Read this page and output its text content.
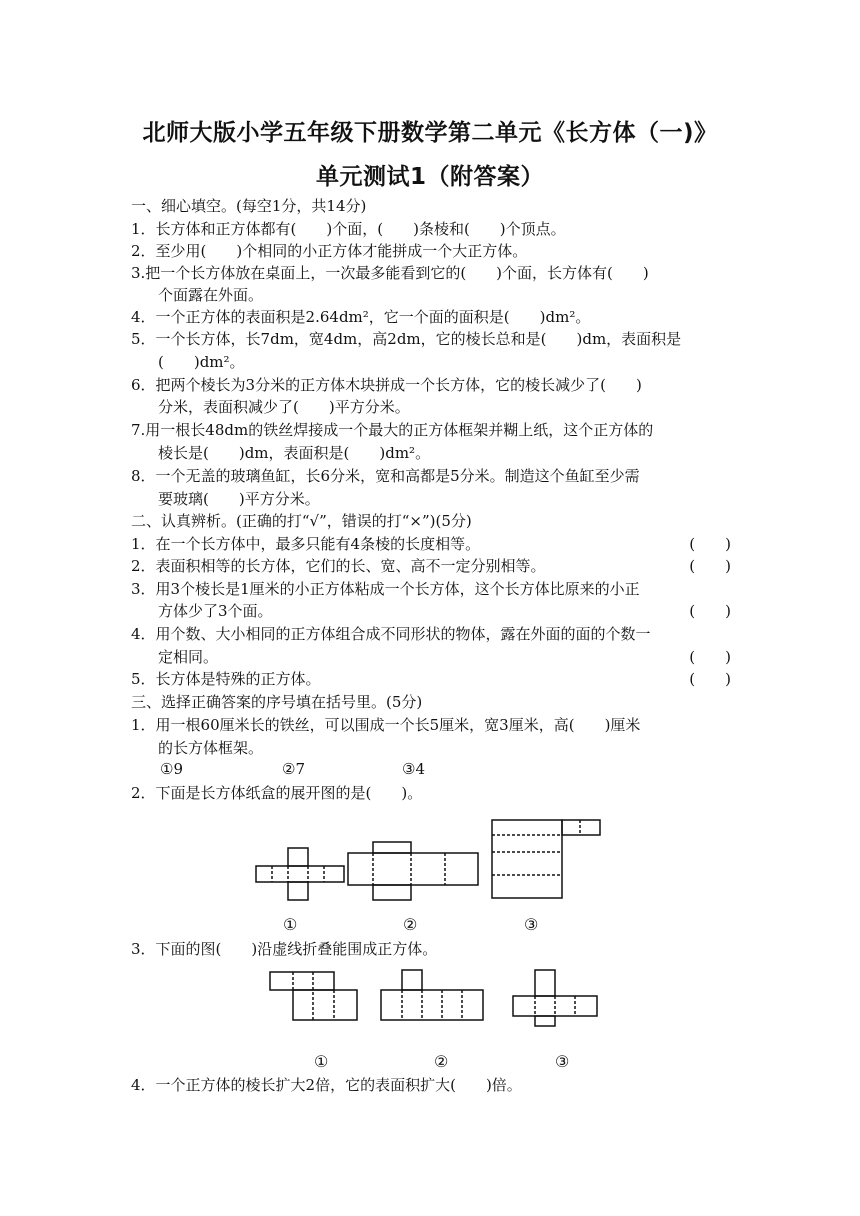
北师大版小学五年级下册数学第二单元《长方体（一)》
单元测试1（附答案）
一、细心填空。(每空1分，共14分)
1．长方体和正方体都有(　　)个面，(　　)条棱和(　　)个顶点。
2．至少用(　　)个相同的小正方体才能拼成一个大正方体。
3.把一个长方体放在桌面上，一次最多能看到它的(　　)个面，长方体有(　　)
个面露在外面。
4．一个正方体的表面积是2.64dm²，它一个面的面积是(　　)dm²。
5．一个长方体，长7dm，宽4dm，高2dm，它的棱长总和是(　　)dm，表面积是
(　　)dm²。
6．把两个棱长为3分米的正方体木块拼成一个长方体，它的棱长减少了(　　)
分米，表面积减少了(　　)平方分米。
7.用一根长48dm的铁丝焊接成一个最大的正方体框架并糊上纸，这个正方体的
棱长是(　　)dm，表面积是(　　)dm²。
8．一个无盖的玻璃鱼缸，长6分米，宽和高都是5分米。制造这个鱼缸至少需
要玻璃(　　)平方分米。
二、认真辨析。(正确的打“√”，错误的打“×”)(5分)
1．在一个长方体中，最多只能有4条棱的长度相等。	(　　)
2．表面积相等的长方体，它们的长、宽、高不一定分别相等。	(　　)
3．用3个棱长是1厘米的小正方体粘成一个长方体，这个长方体比原来的小正
方体少了3个面。	(　　)
4．用个数、大小相同的正方体组合成不同形状的物体，露在外面的面的个数一
定相同。	(　　)
5．长方体是特殊的正方体。	(　　)
三、选择正确答案的序号填在括号里。(5分)
1．用一根60厘米长的铁丝，可以围成一个长5厘米，宽3厘米，高(　　)厘米
的长方体框架。
①9	②7	③4
2．下面是长方体纸盒的展开图的是(　　)。
①	②	③
3．下面的图(　　)沿虚线折叠能围成正方体。
①	②	③
4．一个正方体的棱长扩大2倍，它的表面积扩大(　　)倍。
